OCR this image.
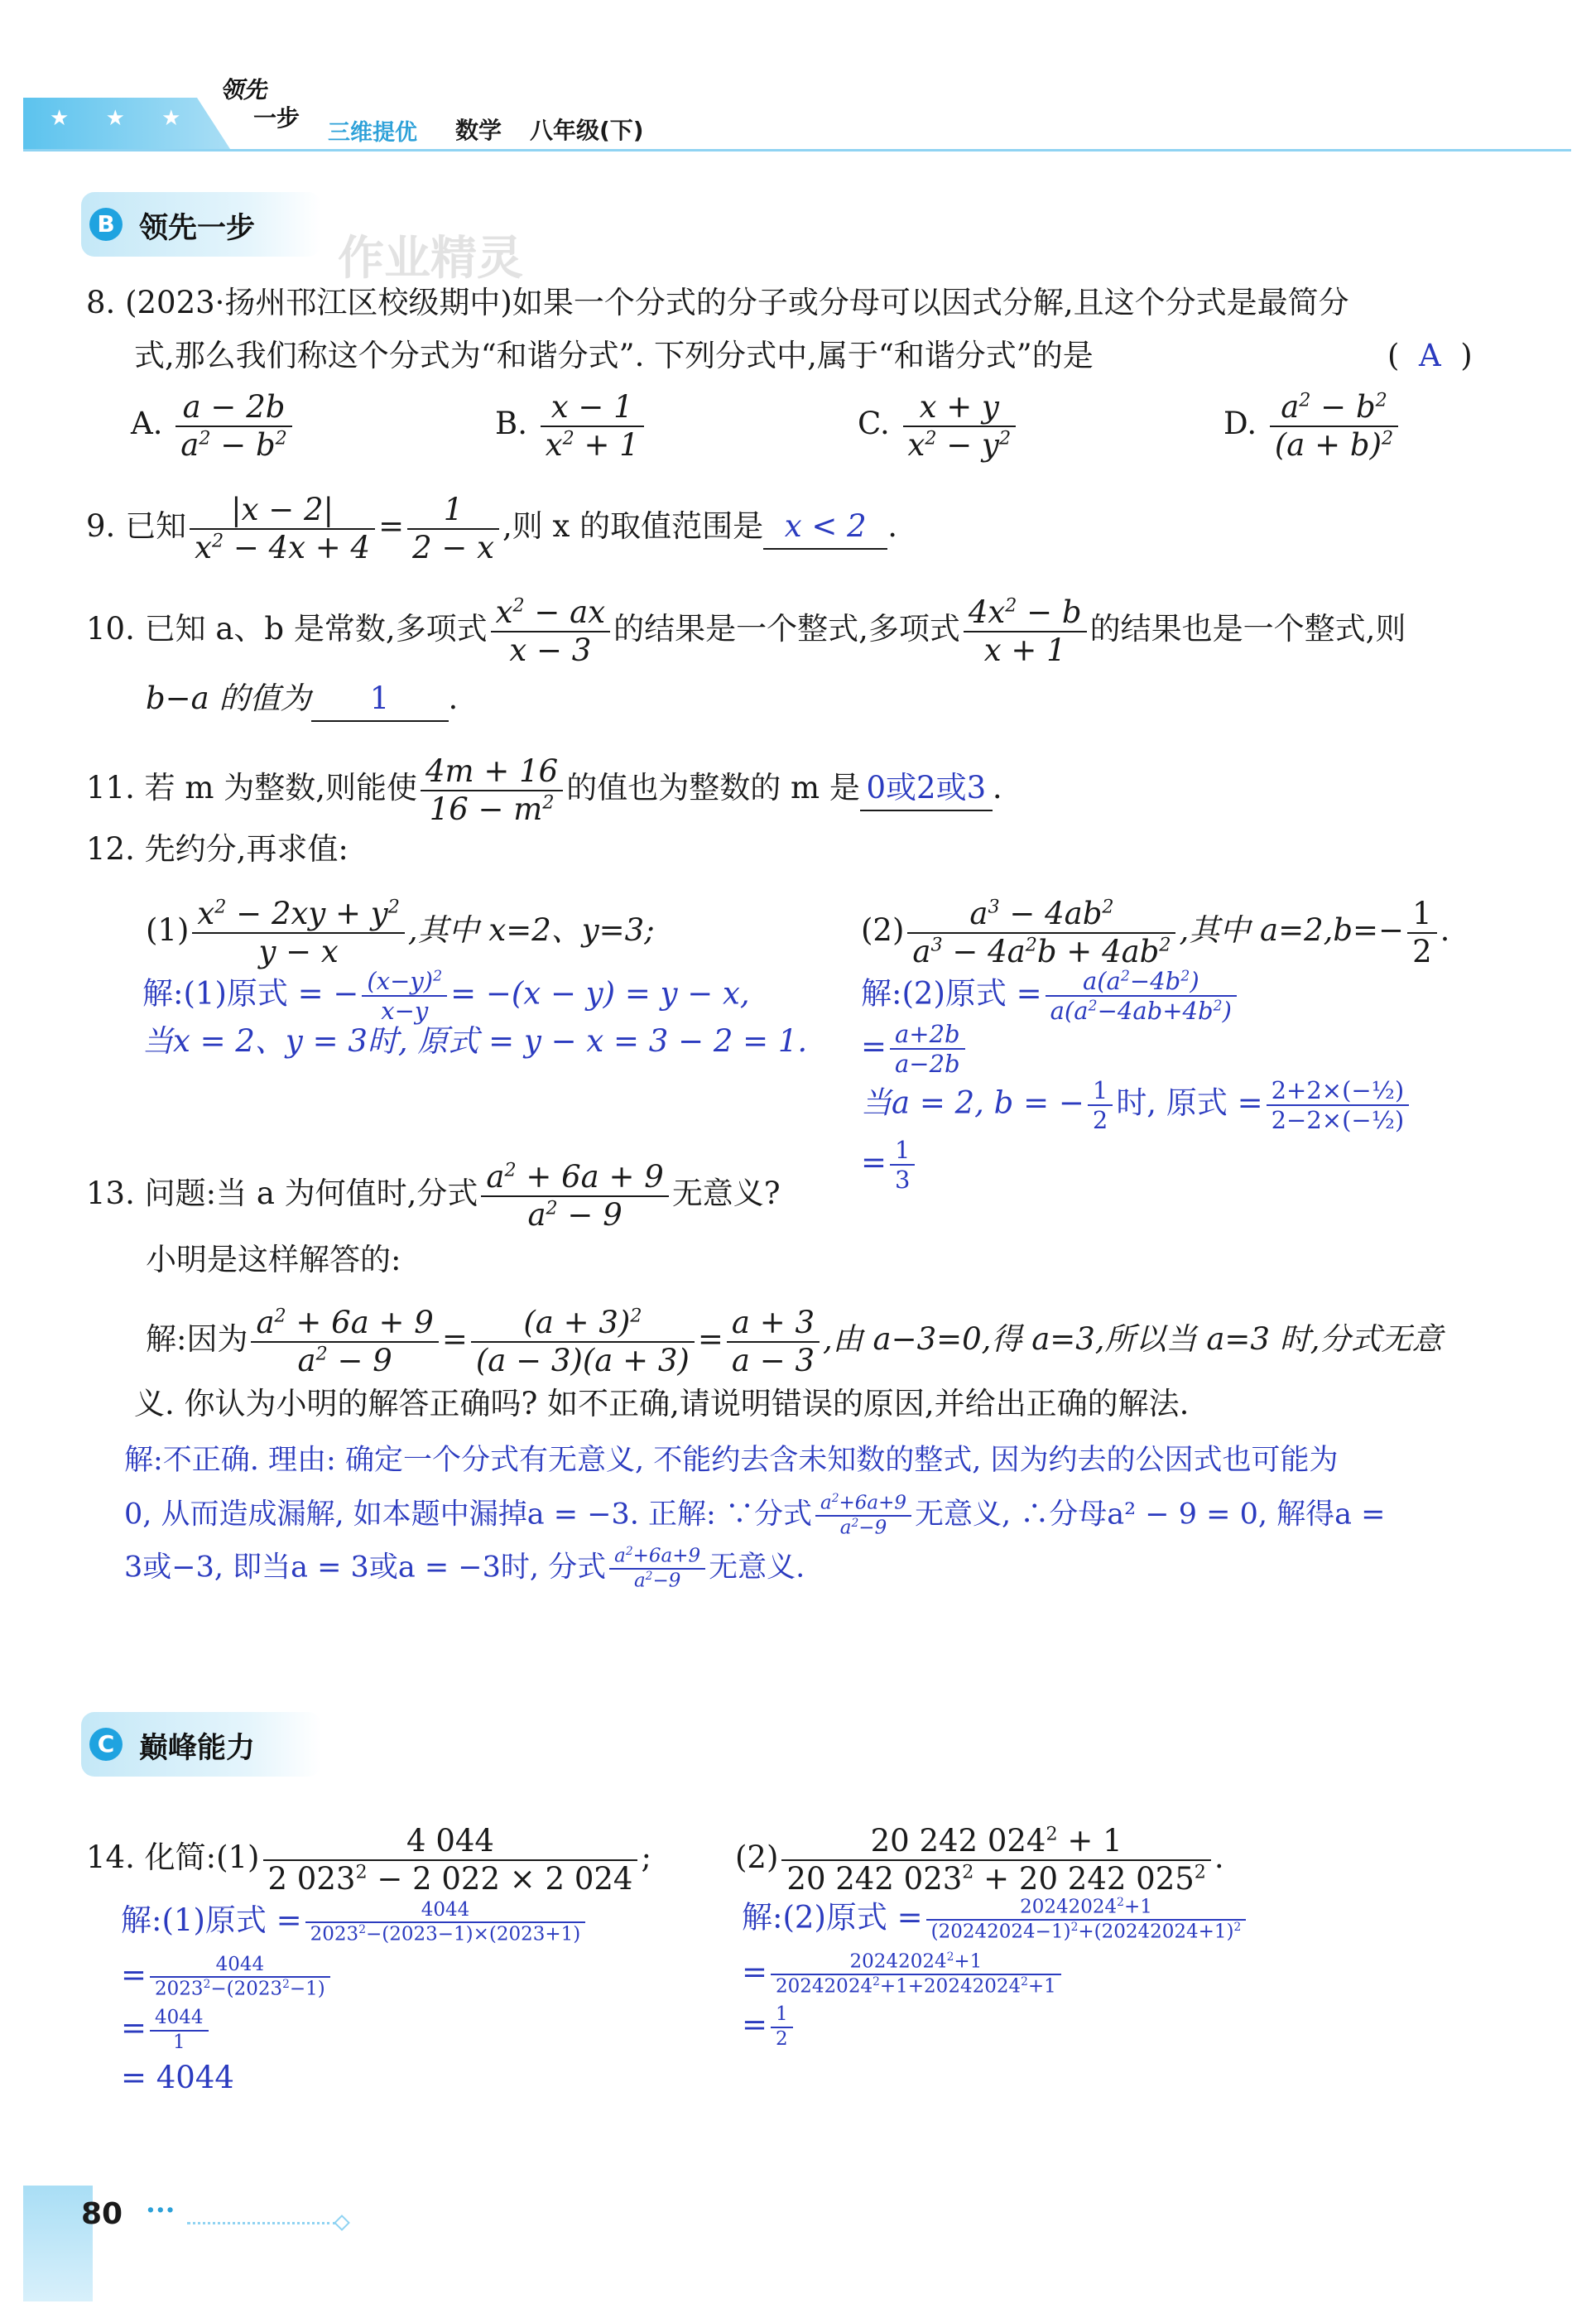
★ ★ ★
领先
一步
三维提优 数学 八年级(下)
B 领先一步
作业精灵
8. (2023·扬州邗江区校级期中)如果一个分式的分子或分母可以因式分解,且这个分式是最简分
式,那么我们称这个分式为“和谐分式”. 下列分式中,属于“和谐分式”的是	(  A  )
A. $\frac{a - 2b}{a^2 - b^2}$	B. $\frac{x - 1}{x^2 + 1}$	C. $\frac{x + y}{x^2 - y^2}$	D. $\frac{a^2 - b^2}{(a + b)^2}$
9. 已知 $\frac{|x - 2|}{x^2 - 4x + 4} = \frac{1}{2 - x}$ ,则 x 的取值范围是 x < 2 .
10. 已知 a、b 是常数,多项式 $\frac{x^2 - ax}{x - 3}$ 的结果是一个整式,多项式 $\frac{4x^2 - b}{x + 1}$ 的结果也是一个整式,则
b−a 的值为 1 .
11. 若 m 为整数,则能使 $\frac{4m + 16}{16 - m^2}$ 的值也为整数的 m 是 0或2或3 .
12. 先约分,再求值:
$(1) \frac{x^2 - 2xy + y^2}{y - x}$ ,其中 x=2、y=3;	$(2) \frac{a^3 - 4ab^2}{a^3 - 4a^2b + 4ab^2}$ ,其中 $a=2,b=- \frac{1}{2}$ .
解:(1)原式 = − $\frac{(x-y)^2}{x-y} = -(x - y) = y - x$,
当x = 2、y = 3时, 原式 = y − x = 3 − 2 = 1.
解:(2)原式 = $\frac{a(a^2-4b^2)}{a(a^2-4ab+4b^2)}$
= $\frac{a+2b}{a-2b}$
当a = 2, b = − $\frac{1}{2}$ 时, 原式 = $\frac{\text{2+2×(−½)}}{\text{2−2×(−½)}}$
= $\frac{1}{3}$
13. 问题:当 a 为何值时,分式 $\frac{a^2 + 6a + 9}{a^2 - 9}$ 无意义?
小明是这样解答的:
解:因为 $\frac{a^2 + 6a + 9}{a^2 - 9} = \frac{(a + 3)^2}{(a - 3)(a + 3)} = \frac{a + 3}{a - 3}$ ,由 a−3=0,得 a=3,所以当 a=3 时,分式无意
义. 你认为小明的解答正确吗? 如不正确,请说明错误的原因,并给出正确的解法.
解:不正确. 理由: 确定一个分式有无意义, 不能约去含未知数的整式, 因为约去的公因式也可能为
0, 从而造成漏解, 如本题中漏掉a = −3. 正解: ∵分式 $\frac{a^2+6a+9}{a^2-9}$ 无意义, ∴分母a² − 9 = 0, 解得a =
3或−3, 即当a = 3或a = −3时, 分式 $\frac{a^2+6a+9}{a^2-9}$ 无意义.
C 巅峰能力
14. 化简:(1) $\frac{4 044}{2 023^2 - 2 022 \times 2 024}$ ;	$(2) \frac{20 242 024^2 + 1}{20 242 023^2 + 20 242 025^2}$ .
解:(1)原式 = $\frac{4044}{2023^2-(2023-1)\times(2023+1)}$
= $\frac{4044}{2023^2-(2023^2-1)}$
= $\frac{4044}{1}$
= 4044
解:(2)原式 = $\frac{20242024^2+1}{(20242024-1)^2+(20242024+1)^2}$
= $\frac{20242024^2+1}{20242024^2+1+20242024^2+1}$
= $\frac{1}{2}$
80 ···
